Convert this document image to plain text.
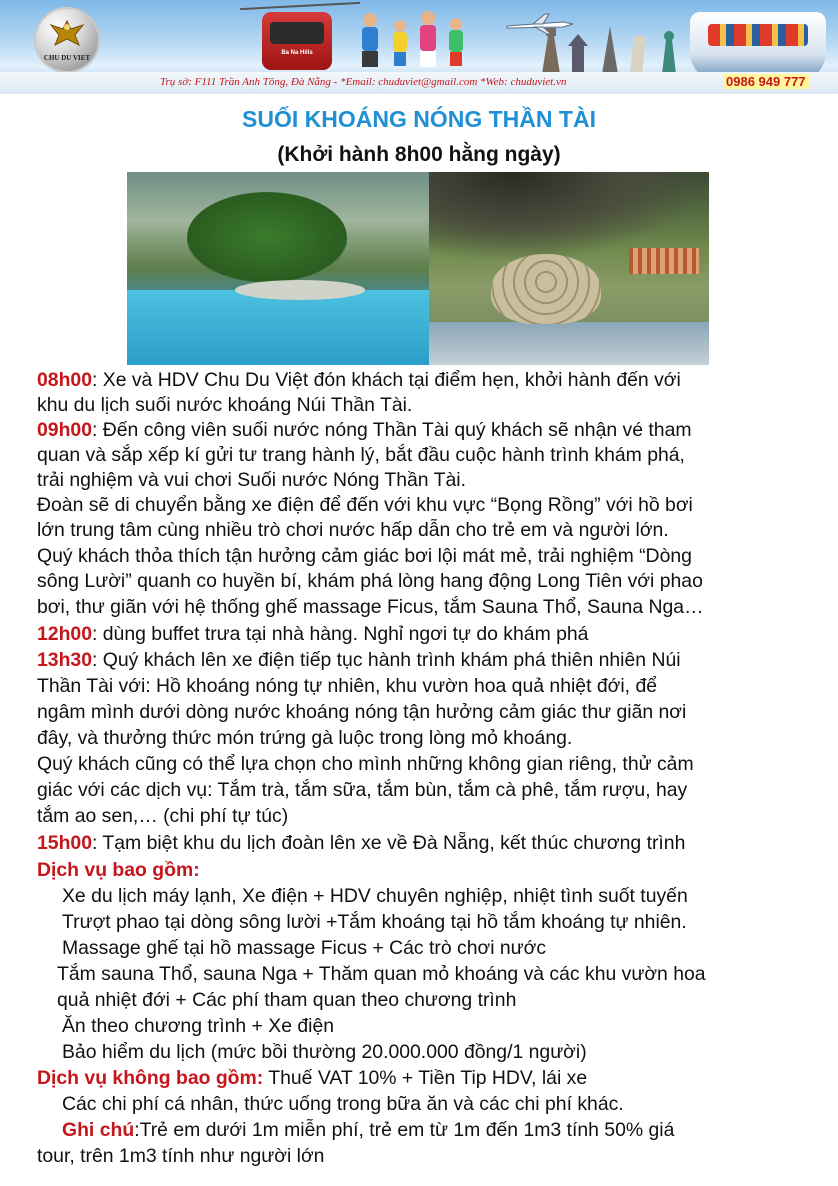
CHU DU VIET
Ba Na Hills
Trụ sở: F111 Trần Anh Tông, Đà Nẵng - *Email: chuduviet@gmail.com *Web: chuduviet.vn	0986 949 777
SUỐI KHOÁNG NÓNG THẦN TÀI
(Khởi hành 8h00 hằng ngày)
08h00: Xe và HDV Chu Du Việt đón khách tại điểm hẹn, khởi hành đến với
khu du lịch suối nước khoáng Núi Thần Tài.
09h00: Đến công viên suối nước nóng Thần Tài quý khách sẽ nhận vé tham
quan và sắp xếp kí gửi tư trang hành lý, bắt đầu cuộc hành trình khám phá,
trải nghiệm và vui chơi Suối nước Nóng Thần Tài.
Đoàn sẽ di chuyển bằng xe điện để đến với khu vực “Bọng Rồng” với hồ bơi
lớn trung tâm cùng nhiều trò chơi nước hấp dẫn cho trẻ em và người lớn.
Quý khách thỏa thích tận hưởng cảm giác bơi lội mát mẻ, trải nghiệm “Dòng
sông Lười” quanh co huyền bí, khám phá lòng hang động Long Tiên với phao
bơi, thư giãn với hệ thống ghế massage Ficus, tắm Sauna Thổ, Sauna Nga…
12h00: dùng buffet trưa tại nhà hàng. Nghỉ ngơi tự do khám phá
13h30: Quý khách lên xe điện tiếp tục hành trình khám phá thiên nhiên Núi
Thần Tài với: Hồ khoáng nóng tự nhiên, khu vườn hoa quả nhiệt đới, để
ngâm mình dưới dòng nước khoáng nóng tận hưởng cảm giác thư giãn nơi
đây, và thưởng thức món trứng gà luộc trong lòng mỏ khoáng.
Quý khách cũng có thể lựa chọn cho mình những không gian riêng, thử cảm
giác với các dịch vụ: Tắm trà, tắm sữa, tắm bùn, tắm cà phê, tắm rượu, hay
tắm ao sen,… (chi phí tự túc)
15h00: Tạm biệt khu du lịch đoàn lên xe về Đà Nẵng, kết thúc chương trình
Dịch vụ bao gồm:
Xe du lịch máy lạnh, Xe điện + HDV chuyên nghiệp, nhiệt tình suốt tuyến
Trượt phao tại dòng sông lười +Tắm khoáng tại hồ tắm khoáng tự nhiên.
Massage ghế tại hồ massage Ficus + Các trò chơi nước
Tắm sauna Thổ, sauna Nga + Thăm quan mỏ khoáng và các khu vườn hoa
quả nhiệt đới + Các phí tham quan theo chương trình
Ăn theo chương trình + Xe điện
Bảo hiểm du lịch (mức bồi thường 20.000.000 đồng/1 người)
Dịch vụ không bao gồm: Thuế VAT 10% + Tiền Tip HDV, lái xe
Các chi phí cá nhân, thức uống trong bữa ăn và các chi phí khác.
Ghi chú:Trẻ em dưới 1m miễn phí, trẻ em từ 1m đến 1m3 tính 50% giá
tour, trên 1m3 tính như người lớn
